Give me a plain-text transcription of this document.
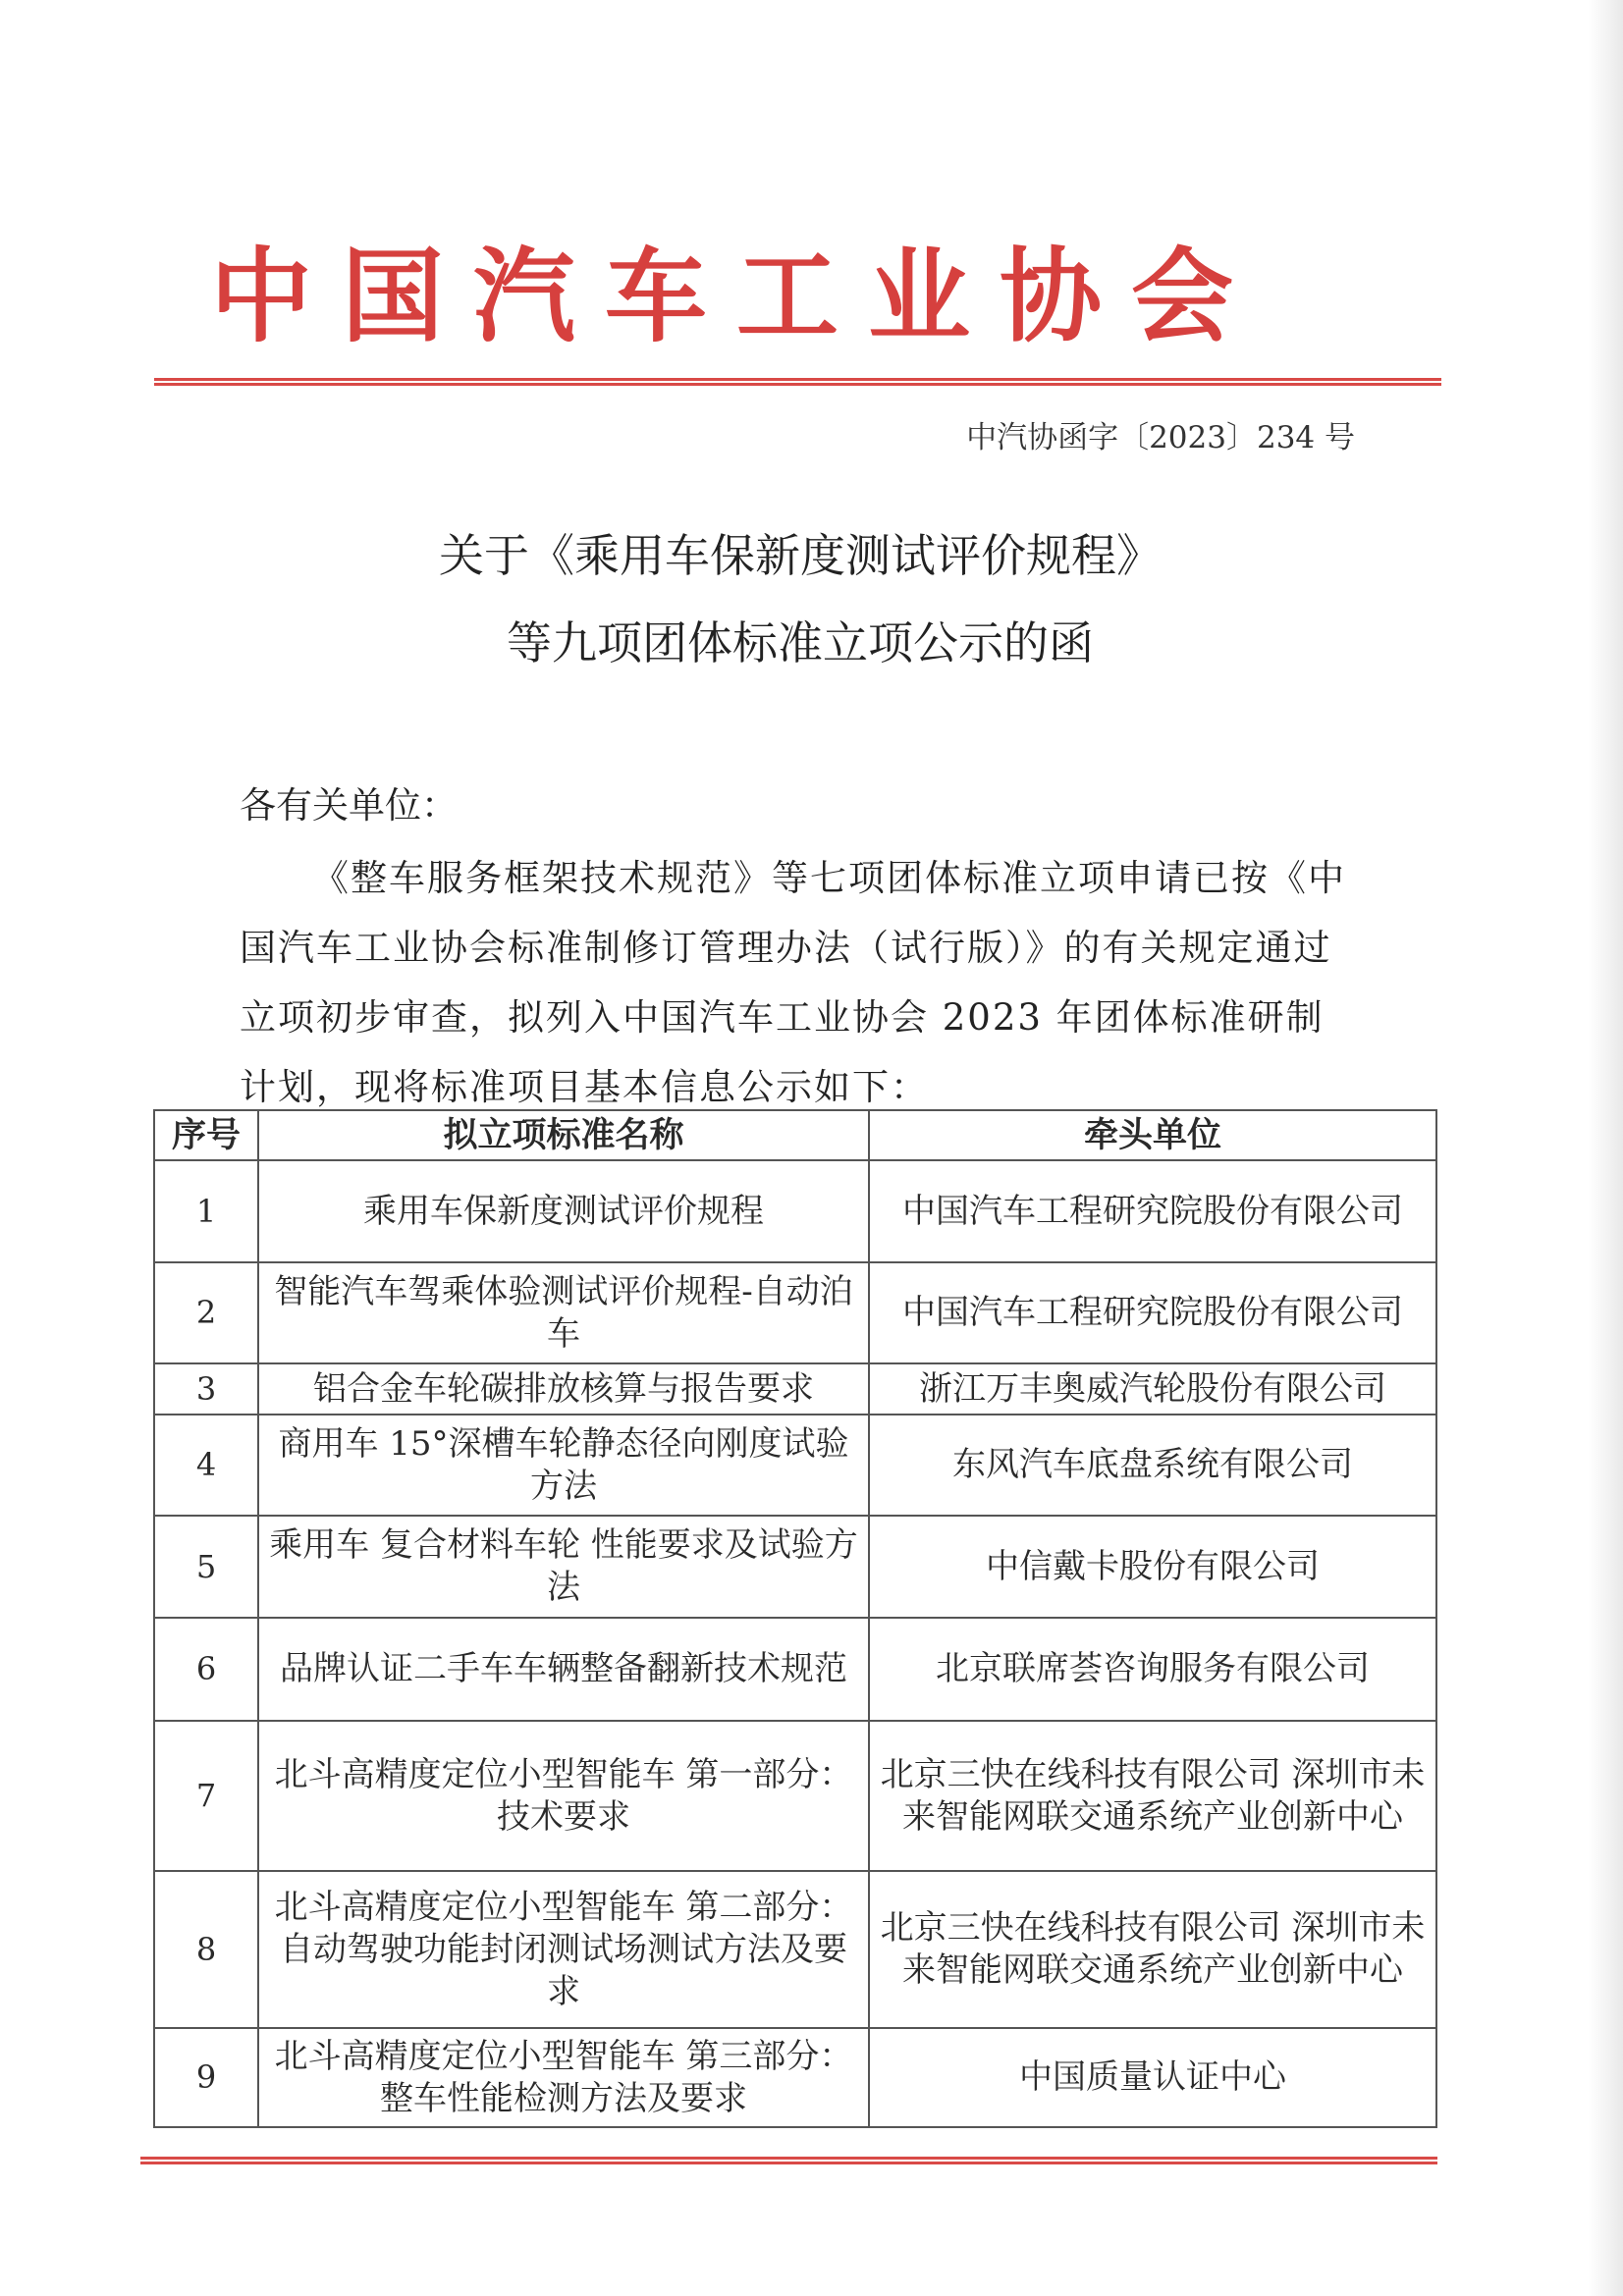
中国汽车工业协会
中汽协函字〔2023〕234 号
关于《乘用车保新度测试评价规程》
等九项团体标准立项公示的函
各有关单位：
《整车服务框架技术规范》等七项团体标准立项申请已按《中国汽车工业协会标准制修订管理办法（试行版）》的有关规定通过立项初步审查，拟列入中国汽车工业协会 2023 年团体标准研制计划，现将标准项目基本信息公示如下：
序号	拟立项标准名称	牵头单位
1	乘用车保新度测试评价规程	中国汽车工程研究院股份有限公司
2	智能汽车驾乘体验测试评价规程-自动泊车	中国汽车工程研究院股份有限公司
3	铝合金车轮碳排放核算与报告要求	浙江万丰奥威汽轮股份有限公司
4	商用车 15°深槽车轮静态径向刚度试验方法	东风汽车底盘系统有限公司
5	乘用车 复合材料车轮 性能要求及试验方法	中信戴卡股份有限公司
6	品牌认证二手车车辆整备翻新技术规范	北京联席荟咨询服务有限公司
7	北斗高精度定位小型智能车 第一部分：技术要求	北京三快在线科技有限公司 深圳市未来智能网联交通系统产业创新中心
8	北斗高精度定位小型智能车 第二部分：自动驾驶功能封闭测试场测试方法及要求	北京三快在线科技有限公司 深圳市未来智能网联交通系统产业创新中心
9	北斗高精度定位小型智能车 第三部分：整车性能检测方法及要求	中国质量认证中心
